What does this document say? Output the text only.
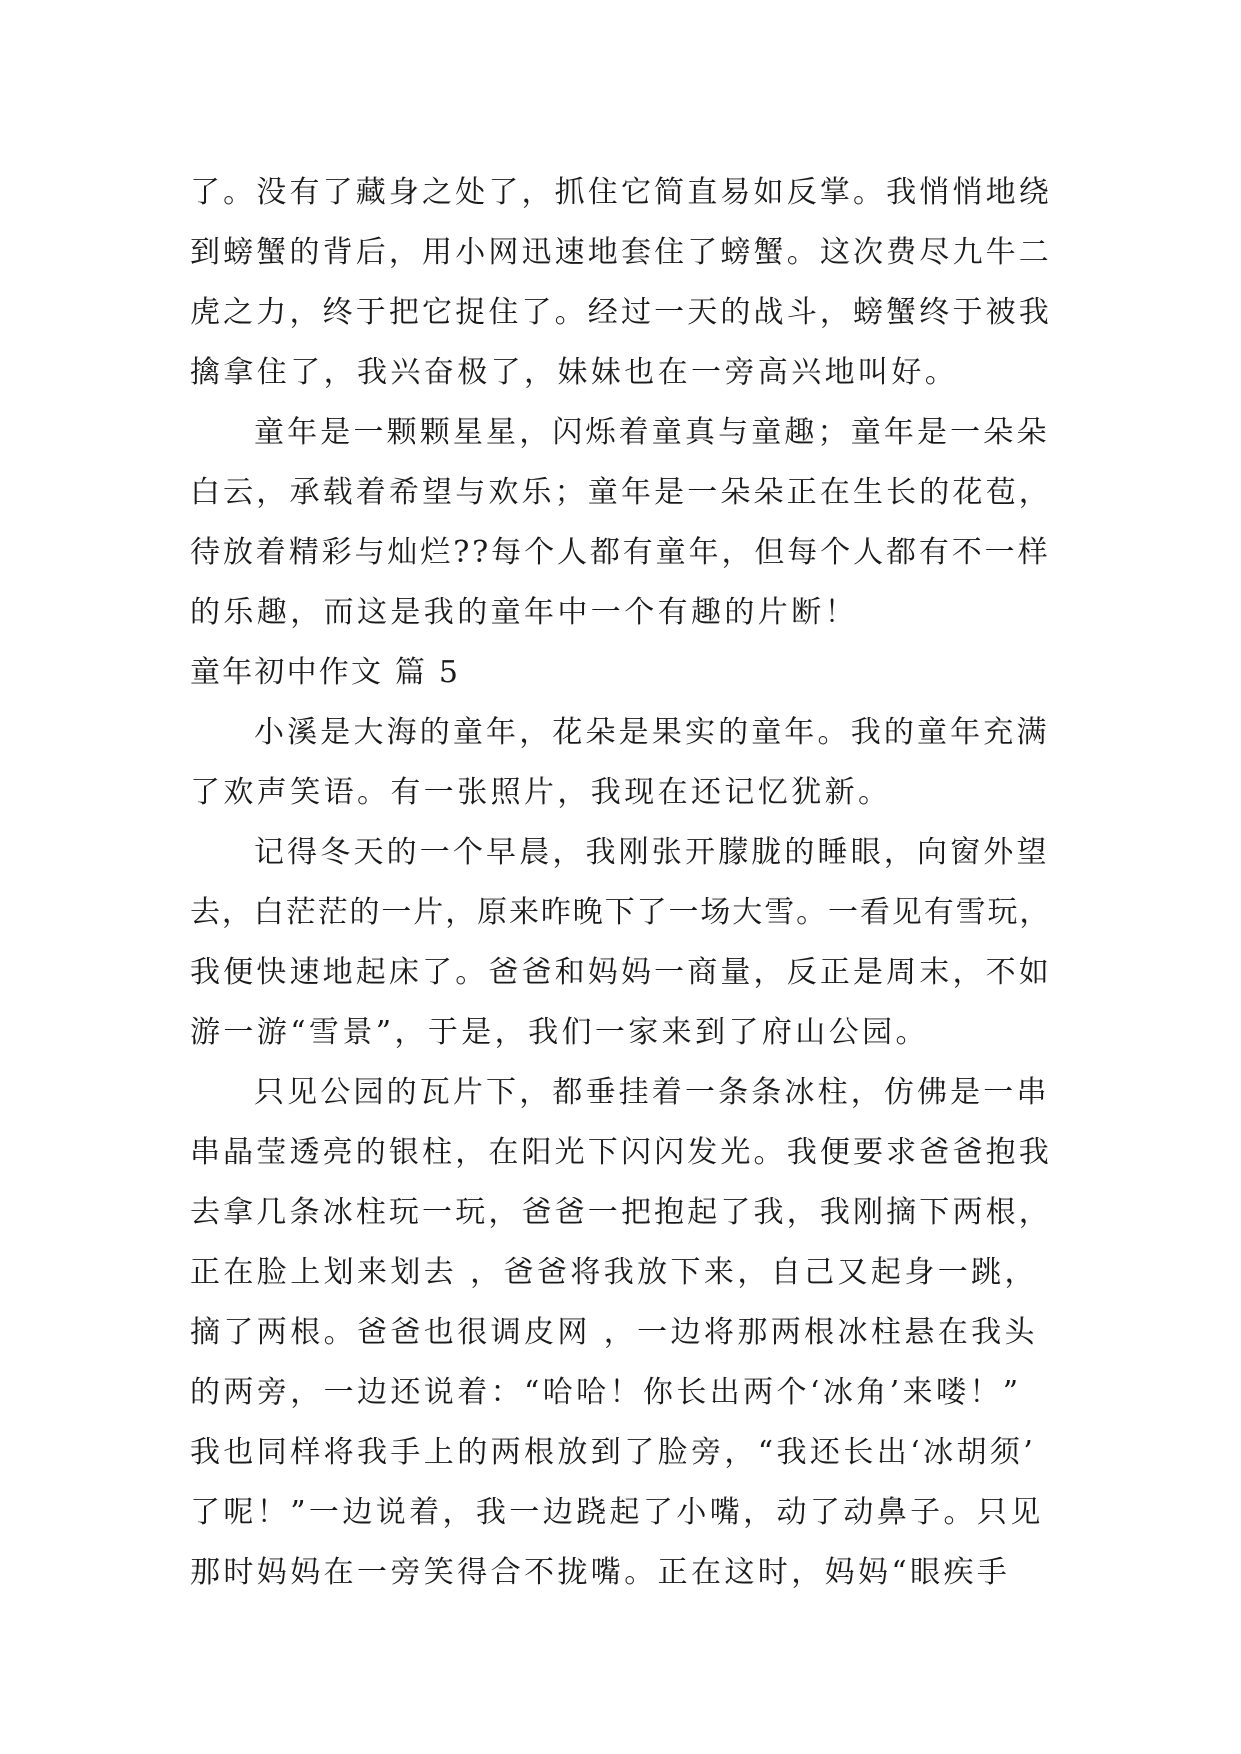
了。没有了藏身之处了，抓住它简直易如反掌。我悄悄地绕
到螃蟹的背后，用小网迅速地套住了螃蟹。这次费尽九牛二
虎之力，终于把它捉住了。经过一天的战斗，螃蟹终于被我
擒拿住了，我兴奋极了，妹妹也在一旁高兴地叫好。
童年是一颗颗星星，闪烁着童真与童趣；童年是一朵朵
白云，承载着希望与欢乐；童年是一朵朵正在生长的花苞，
待放着精彩与灿烂??每个人都有童年，但每个人都有不一样
的乐趣，而这是我的童年中一个有趣的片断！
童年初中作文 篇 5
小溪是大海的童年，花朵是果实的童年。我的童年充满
了欢声笑语。有一张照片，我现在还记忆犹新。
记得冬天的一个早晨，我刚张开朦胧的睡眼，向窗外望
去，白茫茫的一片，原来昨晚下了一场大雪。一看见有雪玩，
我便快速地起床了。爸爸和妈妈一商量，反正是周末，不如
游一游“雪景”，于是，我们一家来到了府山公园。
只见公园的瓦片下，都垂挂着一条条冰柱，仿佛是一串
串晶莹透亮的银柱，在阳光下闪闪发光。我便要求爸爸抱我
去拿几条冰柱玩一玩，爸爸一把抱起了我，我刚摘下两根，
正在脸上划来划去 ，爸爸将我放下来，自己又起身一跳，
摘了两根。爸爸也很调皮网 ，一边将那两根冰柱悬在我头
的两旁，一边还说着：“哈哈！你长出两个‘冰角’来喽！”
我也同样将我手上的两根放到了脸旁，“我还长出‘冰胡须’
了呢！”一边说着，我一边跷起了小嘴，动了动鼻子。只见
那时妈妈在一旁笑得合不拢嘴。正在这时，妈妈“眼疾手
